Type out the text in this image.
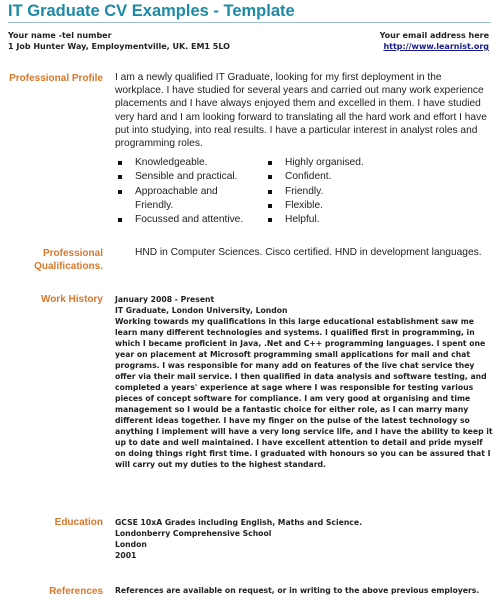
IT Graduate CV Examples - Template
Your name -tel number
1 Job Hunter Way, Employmentville, UK. EM1 5LO
Your email address here
http://www.learnist.org
Professional Profile I am a newly qualified IT Graduate, looking for my first deployment in the workplace. I have studied for several years and carried out many work experience placements and I have always enjoyed them and excelled in them. I have studied very hard and I am looking forward to translating all the hard work and effort I have put into studying, into real results. I have a particular interest in analyst roles and programming roles.
Knowledgeable.
Sensible and practical.
Approachable and Friendly.
Focussed and attentive.
Highly organised.
Confident.
Friendly.
Flexible.
Helpful.
Professional
Qualifications.
HND in Computer Sciences. Cisco certified. HND in development languages.
Work History January 2008 - Present
IT Graduate, London University, London
Working towards my qualifications in this large educational establishment saw me learn many different technologies and systems. I qualified first in programming, in which I became proficient in Java, .Net and C++ programming languages. I spent one year on placement at Microsoft programming small applications for mail and chat programs. I was responsible for many add on features of the live chat service they offer via their mail service. I then qualified in data analysis and software testing, and completed a years' experience at sage where I was responsible for testing various pieces of concept software for compliance. I am very good at organising and time management so I would be a fantastic choice for either role, as I can marry many different ideas together. I have my finger on the pulse of the latest technology so anything I implement will have a very long service life, and I have the ability to keep it up to date and well maintained. I have excellent attention to detail and pride myself on doing things right first time. I graduated with honours so you can be assured that I will carry out my duties to the highest standard.
Education GCSE 10xA Grades including English, Maths and Science.
Londonberry Comprehensive School
London
2001
References References are available on request, or in writing to the above previous employers.
